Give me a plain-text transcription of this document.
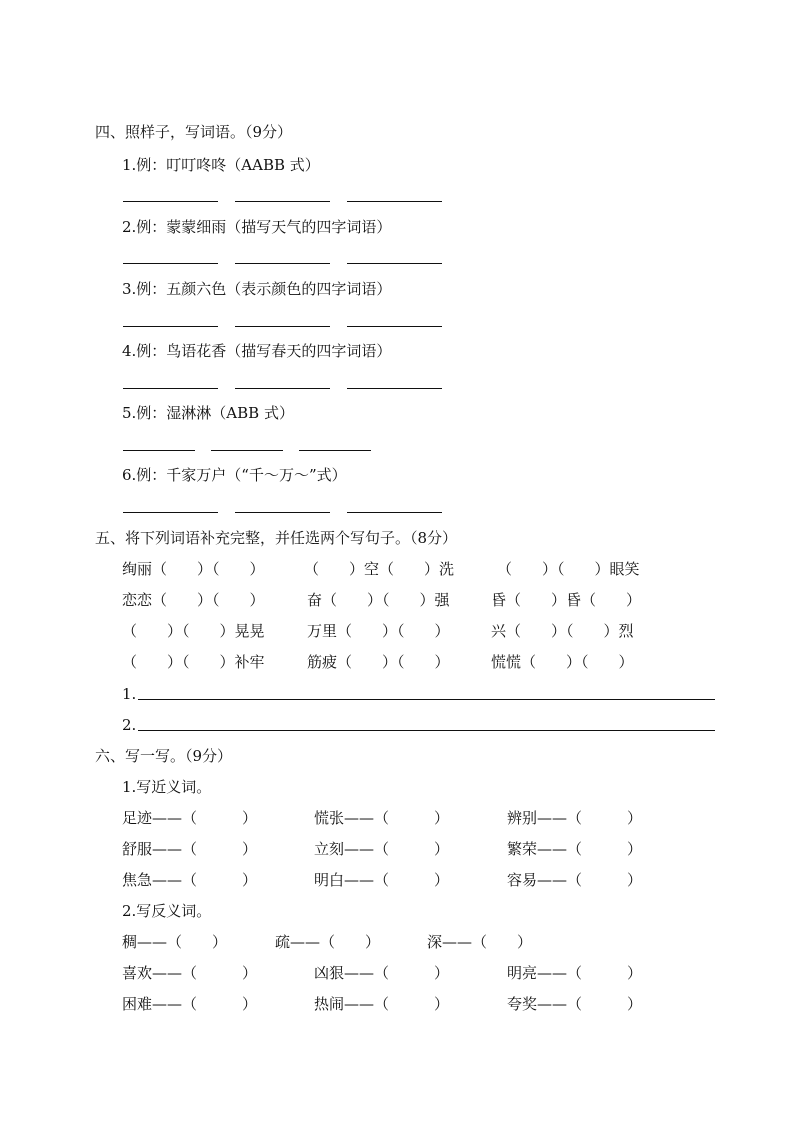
四、照样子，写词语。（9分）
1.例：叮叮咚咚（AABB 式）
2.例：蒙蒙细雨（描写天气的四字词语）
3.例：五颜六色（表示颜色的四字词语）
4.例：鸟语花香（描写春天的四字词语）
5.例：湿淋淋（ABB 式）
6.例：千家万户（“千～万～”式）
五、将下列词语补充完整，并任选两个写句子。（8分）
绚丽（　　）（　　）	（　　）空（　　）洗	（　　）（　　）眼笑
恋恋（　　）（　　）	奋（　　）（　　）强	昏（　　）昏（　　）
（　　）（　　）晃晃	万里（　　）（　　）	兴（　　）（　　）烈
（　　）（　　）补牢	筋疲（　　）（　　）	慌慌（　　）（　　）
1.
2.
六、写一写。（9分）
1.写近义词。
足迹——（　　　）	慌张——（　　　）	辨别——（　　　）
舒服——（　　　）	立刻——（　　　）	繁荣——（　　　）
焦急——（　　　）	明白——（　　　）	容易——（　　　）
2.写反义词。
稠——（　　）	疏——（　　）	深——（　　）
喜欢——（　　　）	凶狠——（　　　）	明亮——（　　　）
困难——（　　　）	热闹——（　　　）	夸奖——（　　　）
